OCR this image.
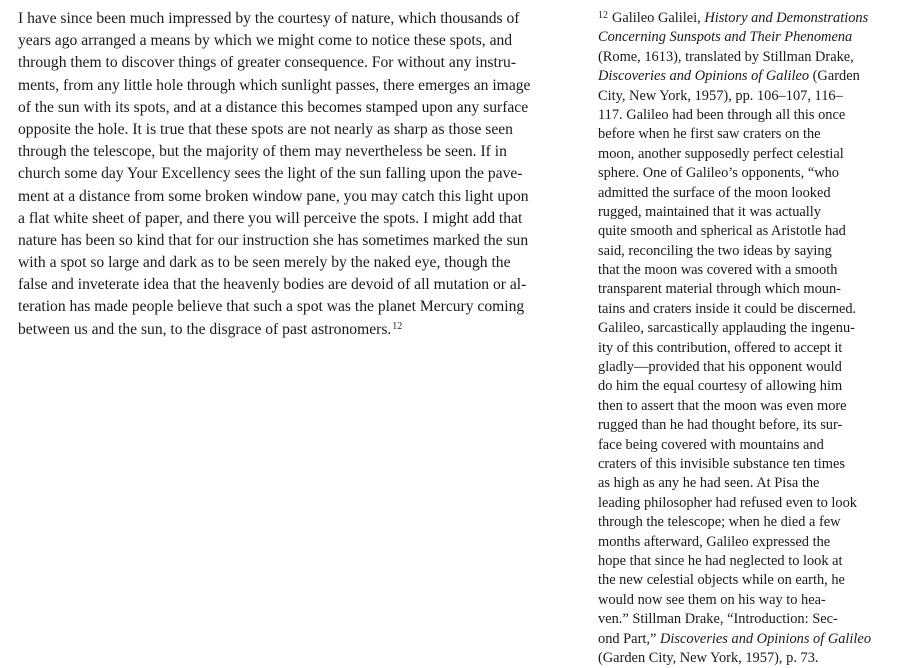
I have since been much impressed by the courtesy of nature, which thousands of
years ago arranged a means by which we might come to notice these spots, and
through them to discover things of greater consequence. For without any instru-
ments, from any little hole through which sunlight passes, there emerges an image
of the sun with its spots, and at a distance this becomes stamped upon any surface
opposite the hole. It is true that these spots are not nearly as sharp as those seen
through the telescope, but the majority of them may nevertheless be seen. If in
church some day Your Excellency sees the light of the sun falling upon the pave-
ment at a distance from some broken window pane, you may catch this light upon
a flat white sheet of paper, and there you will perceive the spots. I might add that
nature has been so kind that for our instruction she has sometimes marked the sun
with a spot so large and dark as to be seen merely by the naked eye, though the
false and inveterate idea that the heavenly bodies are devoid of all mutation or al-
teration has made people believe that such a spot was the planet Mercury coming
between us and the sun, to the disgrace of past astronomers.$^{12}$
$^{12}$ Galileo Galilei, History and Demonstrations
Concerning Sunspots and Their Phenomena
(Rome, 1613), translated by Stillman Drake,
Discoveries and Opinions of Galileo (Garden
City, New York, 1957), pp. 106–107, 116–
117. Galileo had been through all this once
before when he first saw craters on the
moon, another supposedly perfect celestial
sphere. One of Galileo’s opponents, “who
admitted the surface of the moon looked
rugged, maintained that it was actually
quite smooth and spherical as Aristotle had
said, reconciling the two ideas by saying
that the moon was covered with a smooth
transparent material through which moun-
tains and craters inside it could be discerned.
Galileo, sarcastically applauding the ingenu-
ity of this contribution, offered to accept it
gladly—provided that his opponent would
do him the equal courtesy of allowing him
then to assert that the moon was even more
rugged than he had thought before, its sur-
face being covered with mountains and
craters of this invisible substance ten times
as high as any he had seen. At Pisa the
leading philosopher had refused even to look
through the telescope; when he died a few
months afterward, Galileo expressed the
hope that since he had neglected to look at
the new celestial objects while on earth, he
would now see them on his way to hea-
ven.” Stillman Drake, “Introduction: Sec-
ond Part,” Discoveries and Opinions of Galileo
(Garden City, New York, 1957), p. 73.
